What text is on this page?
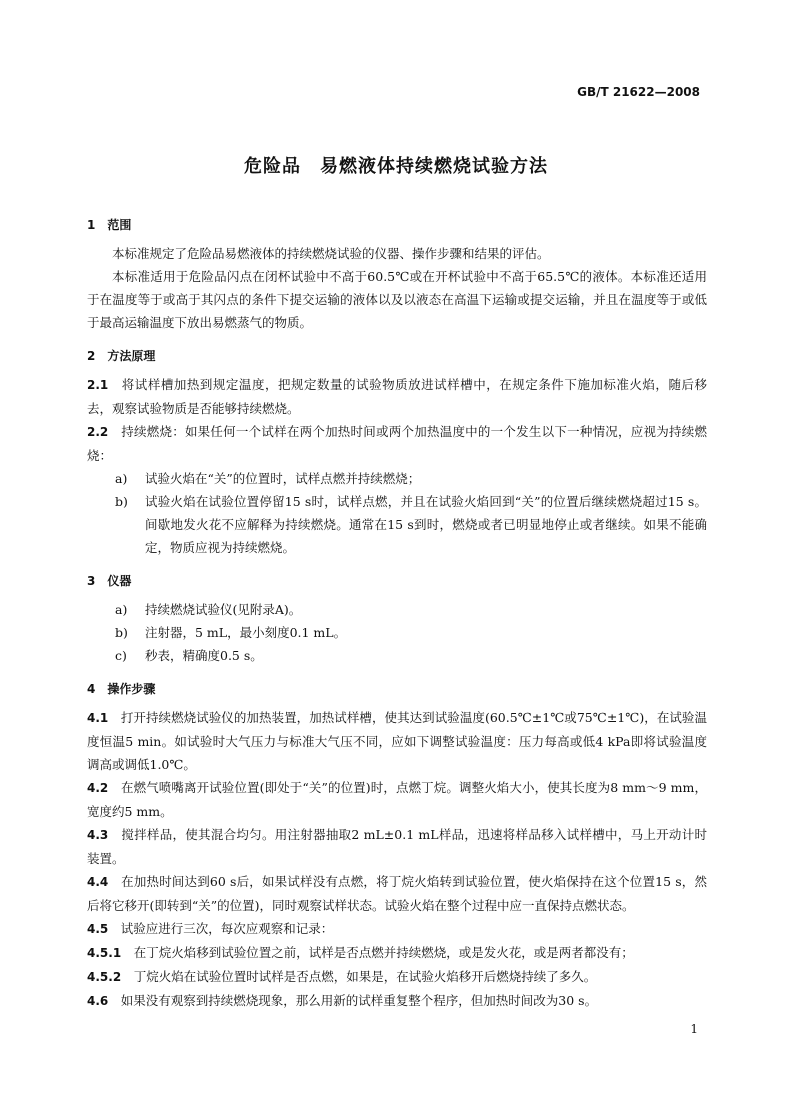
GB/T 21622—2008
危险品　易燃液体持续燃烧试验方法
1　范围
本标准规定了危险品易燃液体的持续燃烧试验的仪器、操作步骤和结果的评估。
本标准适用于危险品闪点在闭杯试验中不高于60.5℃或在开杯试验中不高于65.5℃的液体。本标准还适用于在温度等于或高于其闪点的条件下提交运输的液体以及以液态在高温下运输或提交运输，并且在温度等于或低于最高运输温度下放出易燃蒸气的物质。
2　方法原理
2.1　 将试样槽加热到规定温度，把规定数量的试验物质放进试样槽中，在规定条件下施加标准火焰，随后移去，观察试验物质是否能够持续燃烧。
2.2　 持续燃烧：如果任何一个试样在两个加热时间或两个加热温度中的一个发生以下一种情况，应视为持续燃烧：
a)	试验火焰在“关”的位置时，试样点燃并持续燃烧；
b)	试验火焰在试验位置停留15 s时，试样点燃，并且在试验火焰回到“关”的位置后继续燃烧超过15 s。间歇地发火花不应解释为持续燃烧。通常在15 s到时，燃烧或者已明显地停止或者继续。如果不能确定，物质应视为持续燃烧。
3　仪器
a)	持续燃烧试验仪(见附录A)。
b)	注射器，5 mL，最小刻度0.1 mL。
c)	秒表，精确度0.5 s。
4　操作步骤
4.1　 打开持续燃烧试验仪的加热装置，加热试样槽，使其达到试验温度(60.5℃±1℃或75℃±1℃)，在试验温度恒温5 min。如试验时大气压力与标准大气压不同，应如下调整试验温度：压力每高或低4 kPa即将试验温度调高或调低1.0℃。
4.2　 在燃气喷嘴离开试验位置(即处于“关”的位置)时，点燃丁烷。调整火焰大小，使其长度为8 mm～9 mm，宽度约5 mm。
4.3　 搅拌样品，使其混合均匀。用注射器抽取2 mL±0.1 mL样品，迅速将样品移入试样槽中，马上开动计时装置。
4.4　 在加热时间达到60 s后，如果试样没有点燃，将丁烷火焰转到试验位置，使火焰保持在这个位置15 s，然后将它移开(即转到“关”的位置)，同时观察试样状态。试验火焰在整个过程中应一直保持点燃状态。
4.5　 试验应进行三次，每次应观察和记录：
4.5.1　 在丁烷火焰移到试验位置之前，试样是否点燃并持续燃烧，或是发火花，或是两者都没有；
4.5.2　 丁烷火焰在试验位置时试样是否点燃，如果是，在试验火焰移开后燃烧持续了多久。
4.6　 如果没有观察到持续燃烧现象，那么用新的试样重复整个程序，但加热时间改为30 s。
1
